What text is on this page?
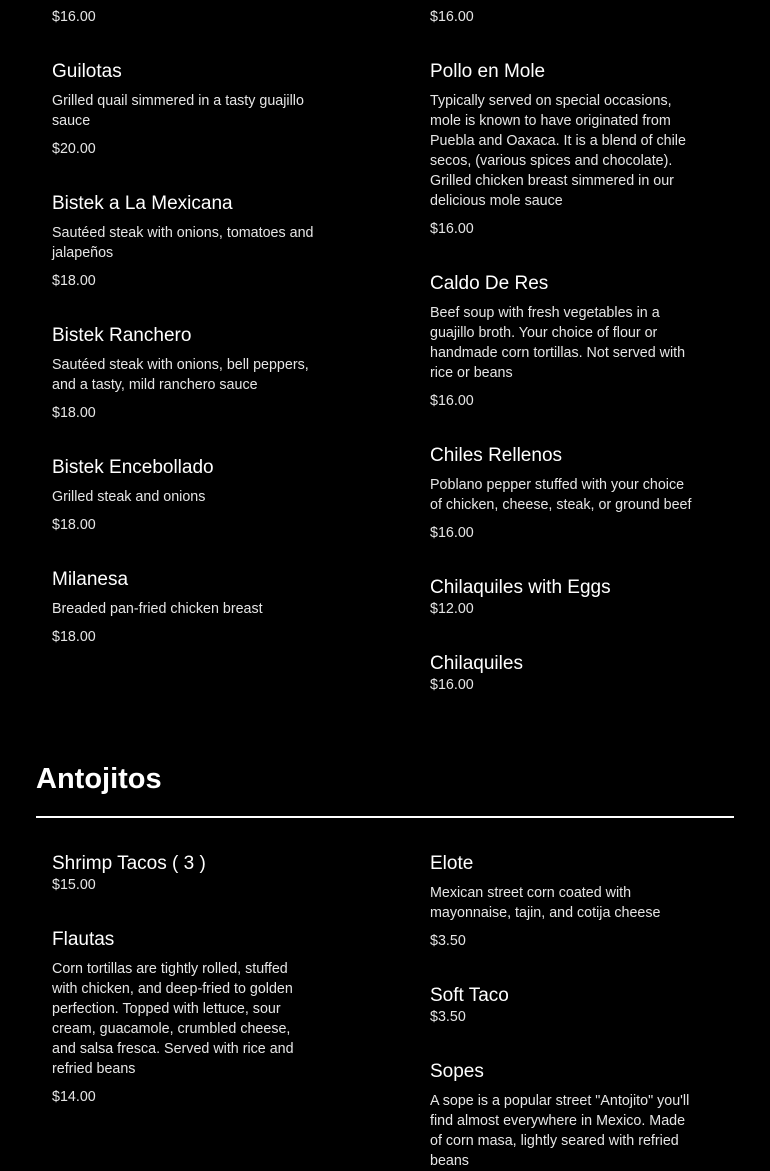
$16.00
Guilotas
Grilled quail simmered in a tasty guajillo sauce
$20.00
Bistek a La Mexicana
Sautéed steak with onions, tomatoes and jalapeños
$18.00
Bistek Ranchero
Sautéed steak with onions, bell peppers, and a tasty, mild ranchero sauce
$18.00
Bistek Encebollado
Grilled steak and onions
$18.00
Milanesa
Breaded pan-fried chicken breast
$18.00
$16.00
Pollo en Mole
Typically served on special occasions, mole is known to have originated from Puebla and Oaxaca. It is a blend of chile secos, (various spices and chocolate). Grilled chicken breast simmered in our delicious mole sauce
$16.00
Caldo De Res
Beef soup with fresh vegetables in a guajillo broth. Your choice of flour or handmade corn tortillas. Not served with rice or beans
$16.00
Chiles Rellenos
Poblano pepper stuffed with your choice of chicken, cheese, steak, or ground beef
$16.00
Chilaquiles with Eggs
$12.00
Chilaquiles
$16.00
Antojitos
Shrimp Tacos ( 3 )
$15.00
Flautas
Corn tortillas are tightly rolled, stuffed with chicken, and deep-fried to golden perfection. Topped with lettuce, sour cream, guacamole, crumbled cheese, and salsa fresca. Served with rice and refried beans
$14.00
Elote
Mexican street corn coated with mayonnaise, tajin, and cotija cheese
$3.50
Soft Taco
$3.50
Sopes
A sope is a popular street "Antojito" you'll find almost everywhere in Mexico. Made of corn masa, lightly seared with refried beans
